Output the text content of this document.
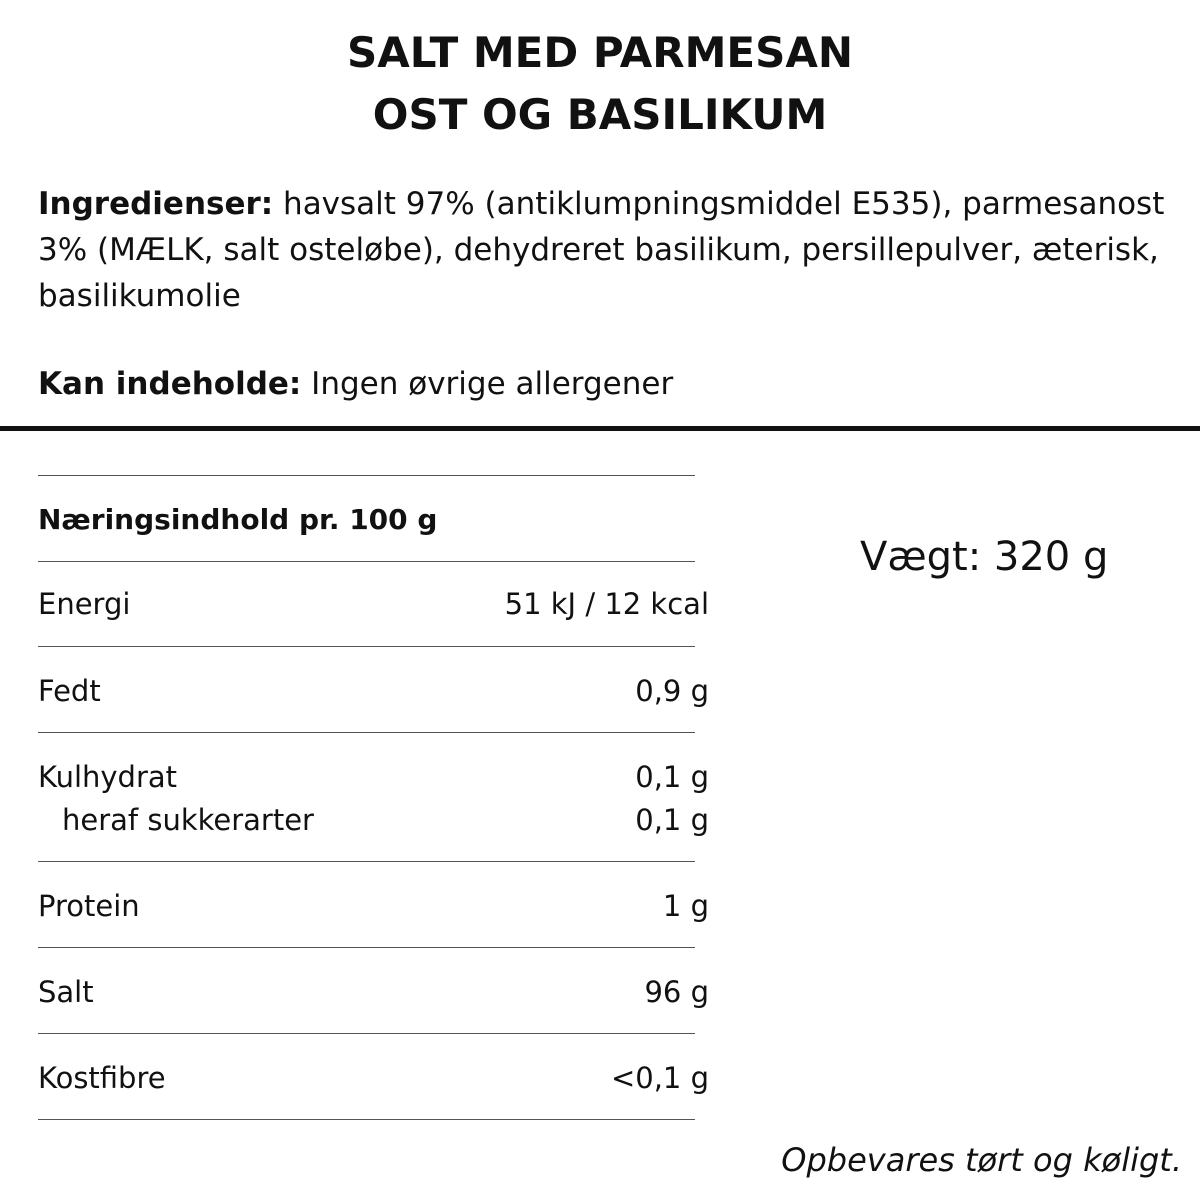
SALT MED PARMESAN
OST OG BASILIKUM
Ingredienser: havsalt 97% (antiklumpningsmiddel E535), parmesanost 3% (MÆLK, salt osteløbe), dehydreret basilikum, persillepulver, æterisk, basilikumolie
Kan indeholde: Ingen øvrige allergener
Næringsindhold pr. 100 g
Energi	51 kJ / 12 kcal
Fedt	0,9 g
Kulhydrat	0,1 g
heraf sukkerarter	0,1 g
Protein	1 g
Salt	96 g
Kostfibre	<0,1 g
Vægt: 320 g
Opbevares tørt og køligt.
